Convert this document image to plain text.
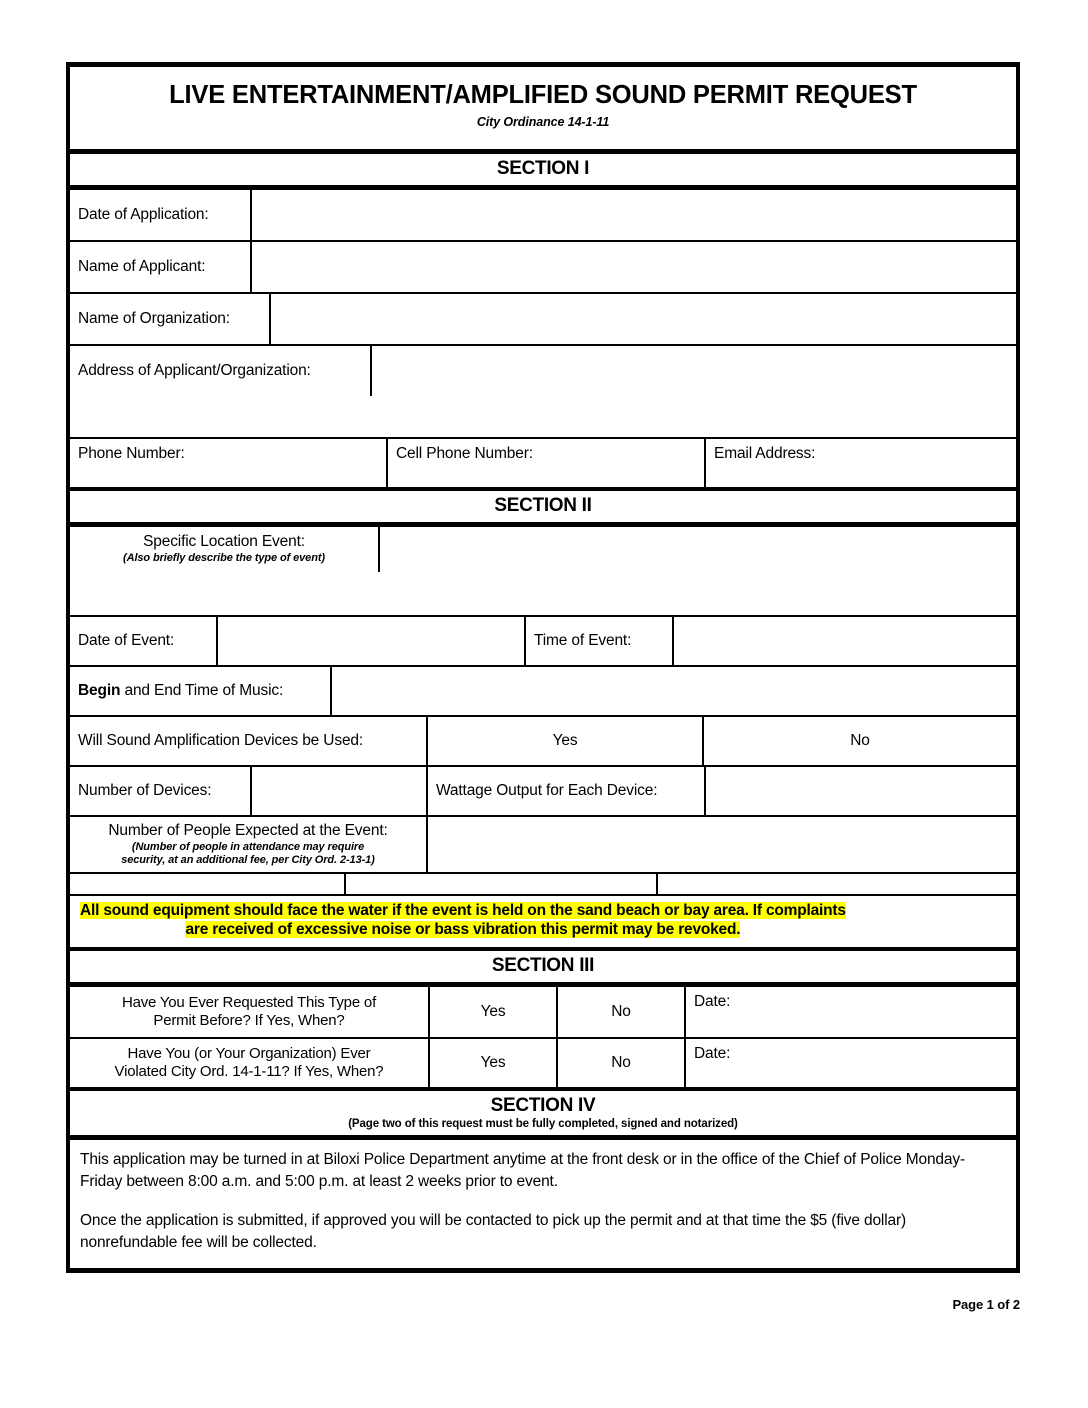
LIVE ENTERTAINMENT/AMPLIFIED SOUND PERMIT REQUEST
City Ordinance 14-1-11
SECTION I
Date of Application:
Name of Applicant:
Name of Organization:
Address of Applicant/Organization:
Phone Number:	Cell Phone Number:	Email Address:
SECTION II
Specific Location Event:
(Also briefly describe the type of event)
Date of Event:	Time of Event:
Begin and End Time of Music:
Will Sound Amplification Devices be Used:	Yes	No
Number of Devices:	Wattage Output for Each Device:
Number of People Expected at the Event:
(Number of people in attendance may require
security, at an additional fee, per City Ord. 2-13-1)
All sound equipment should face the water if the event is held on the sand beach or bay area. If complaints
are received of excessive noise or bass vibration this permit may be revoked.
SECTION III
Have You Ever Requested This Type of
Permit Before? If Yes, When?
Yes	No
Date:
Have You (or Your Organization) Ever
Violated City Ord. 14-1-11? If Yes, When?
Yes	No
Date:
SECTION IV
(Page two of this request must be fully completed, signed and notarized)

This application may be turned in at Biloxi Police Department anytime at the front desk or in the office of the Chief of Police Monday-Friday between 8:00 a.m. and 5:00 p.m. at least 2 weeks prior to event.

Once the application is submitted, if approved you will be contacted to pick up the permit and at that time the $5 (five dollar) nonrefundable fee will be collected.

Page 1 of 2
